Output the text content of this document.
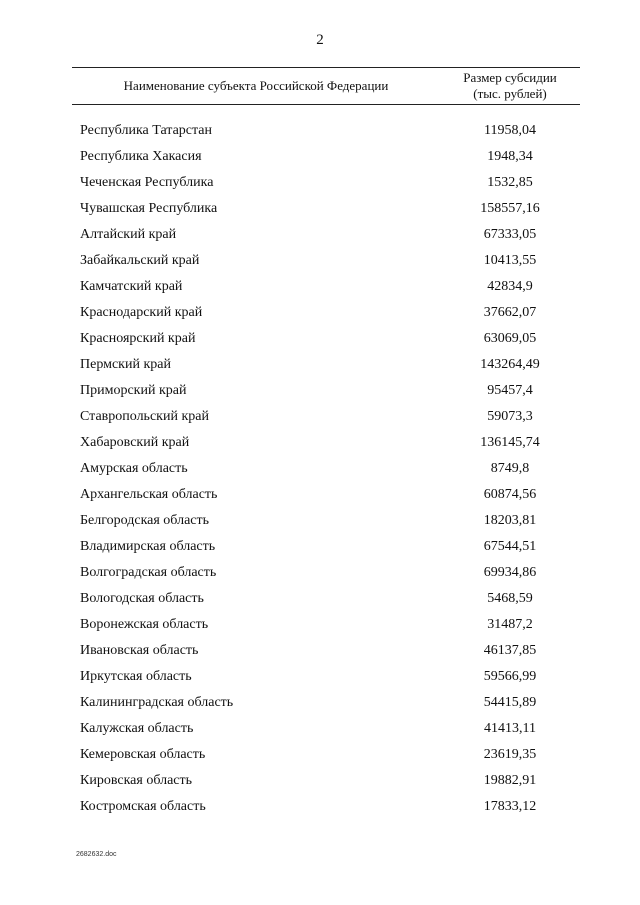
2
Наименование субъекта Российской Федерации
Размер субсидии
(тыс. рублей)
Республика Татарстан	11958,04
Республика Хакасия	1948,34
Чеченская Республика	1532,85
Чувашская Республика	158557,16
Алтайский край	67333,05
Забайкальский край	10413,55
Камчатский край	42834,9
Краснодарский край	37662,07
Красноярский край	63069,05
Пермский край	143264,49
Приморский край	95457,4
Ставропольский край	59073,3
Хабаровский край	136145,74
Амурская область	8749,8
Архангельская область	60874,56
Белгородская область	18203,81
Владимирская область	67544,51
Волгоградская область	69934,86
Вологодская область	5468,59
Воронежская область	31487,2
Ивановская область	46137,85
Иркутская область	59566,99
Калининградская область	54415,89
Калужская область	41413,11
Кемеровская область	23619,35
Кировская область	19882,91
Костромская область	17833,12
2682632.doc
